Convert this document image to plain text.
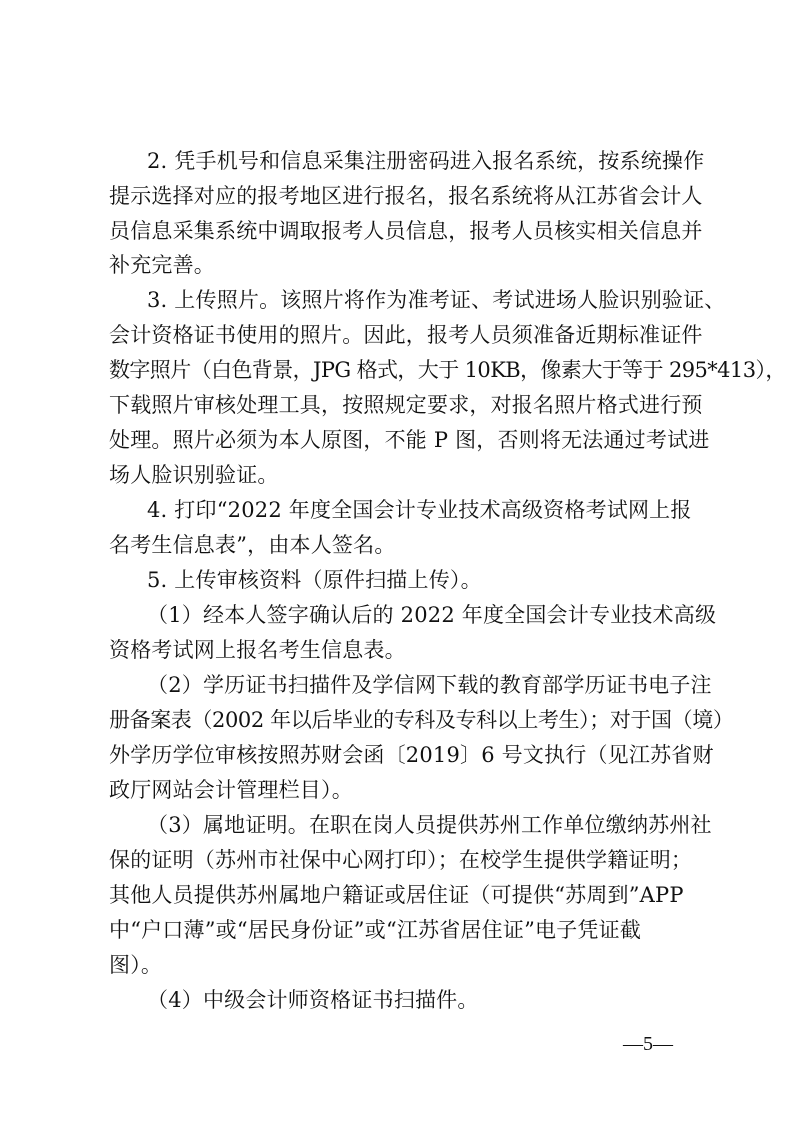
2. 凭手机号和信息采集注册密码进入报名系统，按系统操作
提示选择对应的报考地区进行报名，报名系统将从江苏省会计人
员信息采集系统中调取报考人员信息，报考人员核实相关信息并
补充完善。
3. 上传照片。该照片将作为准考证、考试进场人脸识别验证、
会计资格证书使用的照片。因此，报考人员须准备近期标准证件
数字照片（白色背景，JPG 格式，大于 10KB，像素大于等于 295*413），
下载照片审核处理工具，按照规定要求，对报名照片格式进行预
处理。照片必须为本人原图，不能 P 图，否则将无法通过考试进
场人脸识别验证。
4. 打印“2022 年度全国会计专业技术高级资格考试网上报
名考生信息表”，由本人签名。
5. 上传审核资料（原件扫描上传）。
（1）经本人签字确认后的 2022 年度全国会计专业技术高级
资格考试网上报名考生信息表。
（2）学历证书扫描件及学信网下载的教育部学历证书电子注
册备案表（2002 年以后毕业的专科及专科以上考生）；对于国（境）
外学历学位审核按照苏财会函〔2019〕6 号文执行（见江苏省财
政厅网站会计管理栏目）。
（3）属地证明。在职在岗人员提供苏州工作单位缴纳苏州社
保的证明（苏州市社保中心网打印）；在校学生提供学籍证明；
其他人员提供苏州属地户籍证或居住证（可提供“苏周到”APP
中“户口薄”或“居民身份证”或“江苏省居住证”电子凭证截
图）。
（4）中级会计师资格证书扫描件。
—5—
